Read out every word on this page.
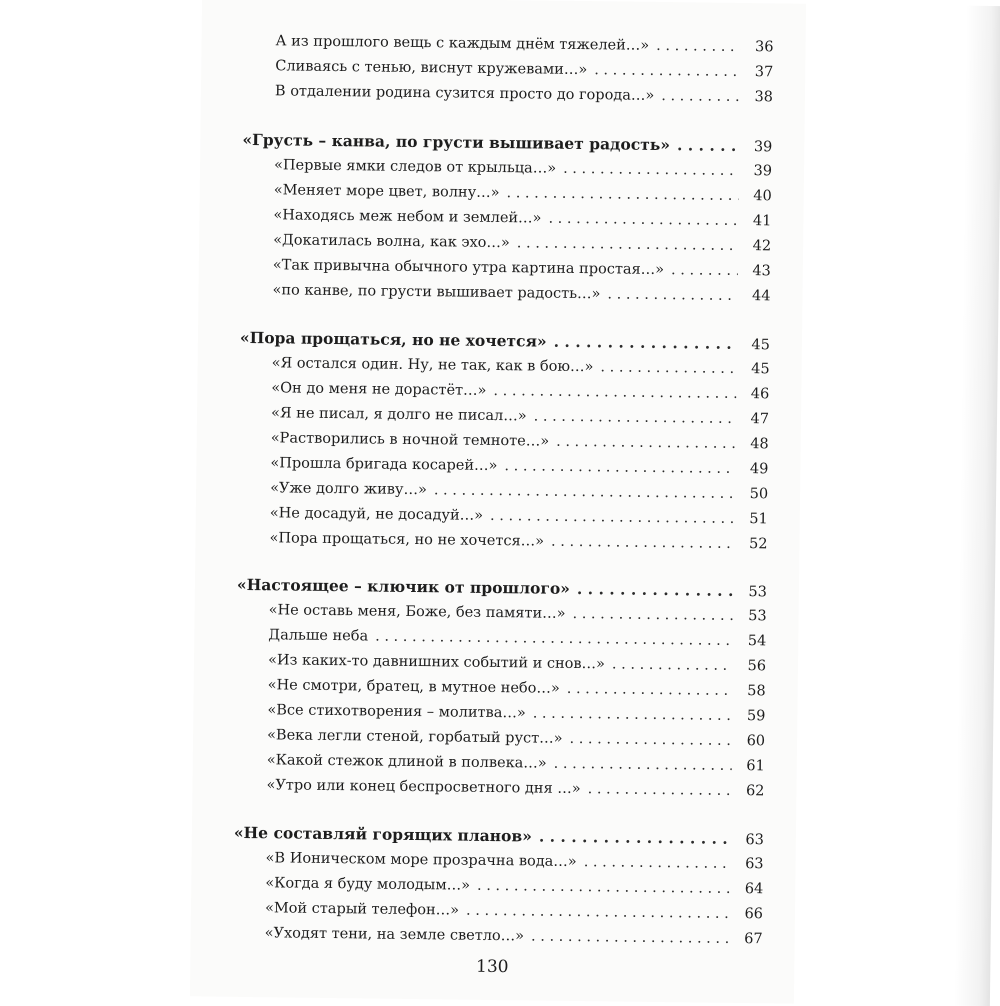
А из прошлого вещь с каждым днём тяжелей…» . . .	36
Сливаясь с тенью, виснут кружевами…» . . .	37
В отдалении родина сузится просто до города…» . . .	38
«Грусть – канва, по грусти вышивает радость» . . .	39
«Первые ямки следов от крыльца…» . . .	39
«Меняет море цвет, волну…» . . .	40
«Находясь меж небом и землей…» . . .	41
«Докатилась волна, как эхо…» . . .	42
«Так привычна обычного утра картина простая…» . . .	43
«по канве, по грусти вышивает радость…» . . .	44
«Пора прощаться, но не хочется» . . .	45
«Я остался один. Ну, не так, как в бою…» . . .	45
«Он до меня не дорастёт…» . . .	46
«Я не писал, я долго не писал…» . . .	47
«Растворились в ночной темноте…» . . .	48
«Прошла бригада косарей…» . . .	49
«Уже долго живу…» . . .	50
«Не досадуй, не досадуй…» . . .	51
«Пора прощаться, но не хочется…» . . .	52
«Настоящее – ключик от прошлого» . . .	53
«Не оставь меня, Боже, без памяти…» . . .	53
Дальше неба . . .	54
«Из каких-то давнишних событий и снов…» . . .	56
«Не смотри, братец, в мутное небо…» . . .	58
«Все стихотворения – молитва…» . . .	59
«Века легли стеной, горбатый руст…» . . .	60
«Какой стежок длиной в полвека…» . . .	61
«Утро или конец беспросветного дня …» . . .	62
«Не составляй горящих планов» . . .	63
«В Ионическом море прозрачна вода…» . . .	63
«Когда я буду молодым…» . . .	64
«Мой старый телефон…» . . .	66
«Уходят тени, на земле светло…» . . .	67
130
